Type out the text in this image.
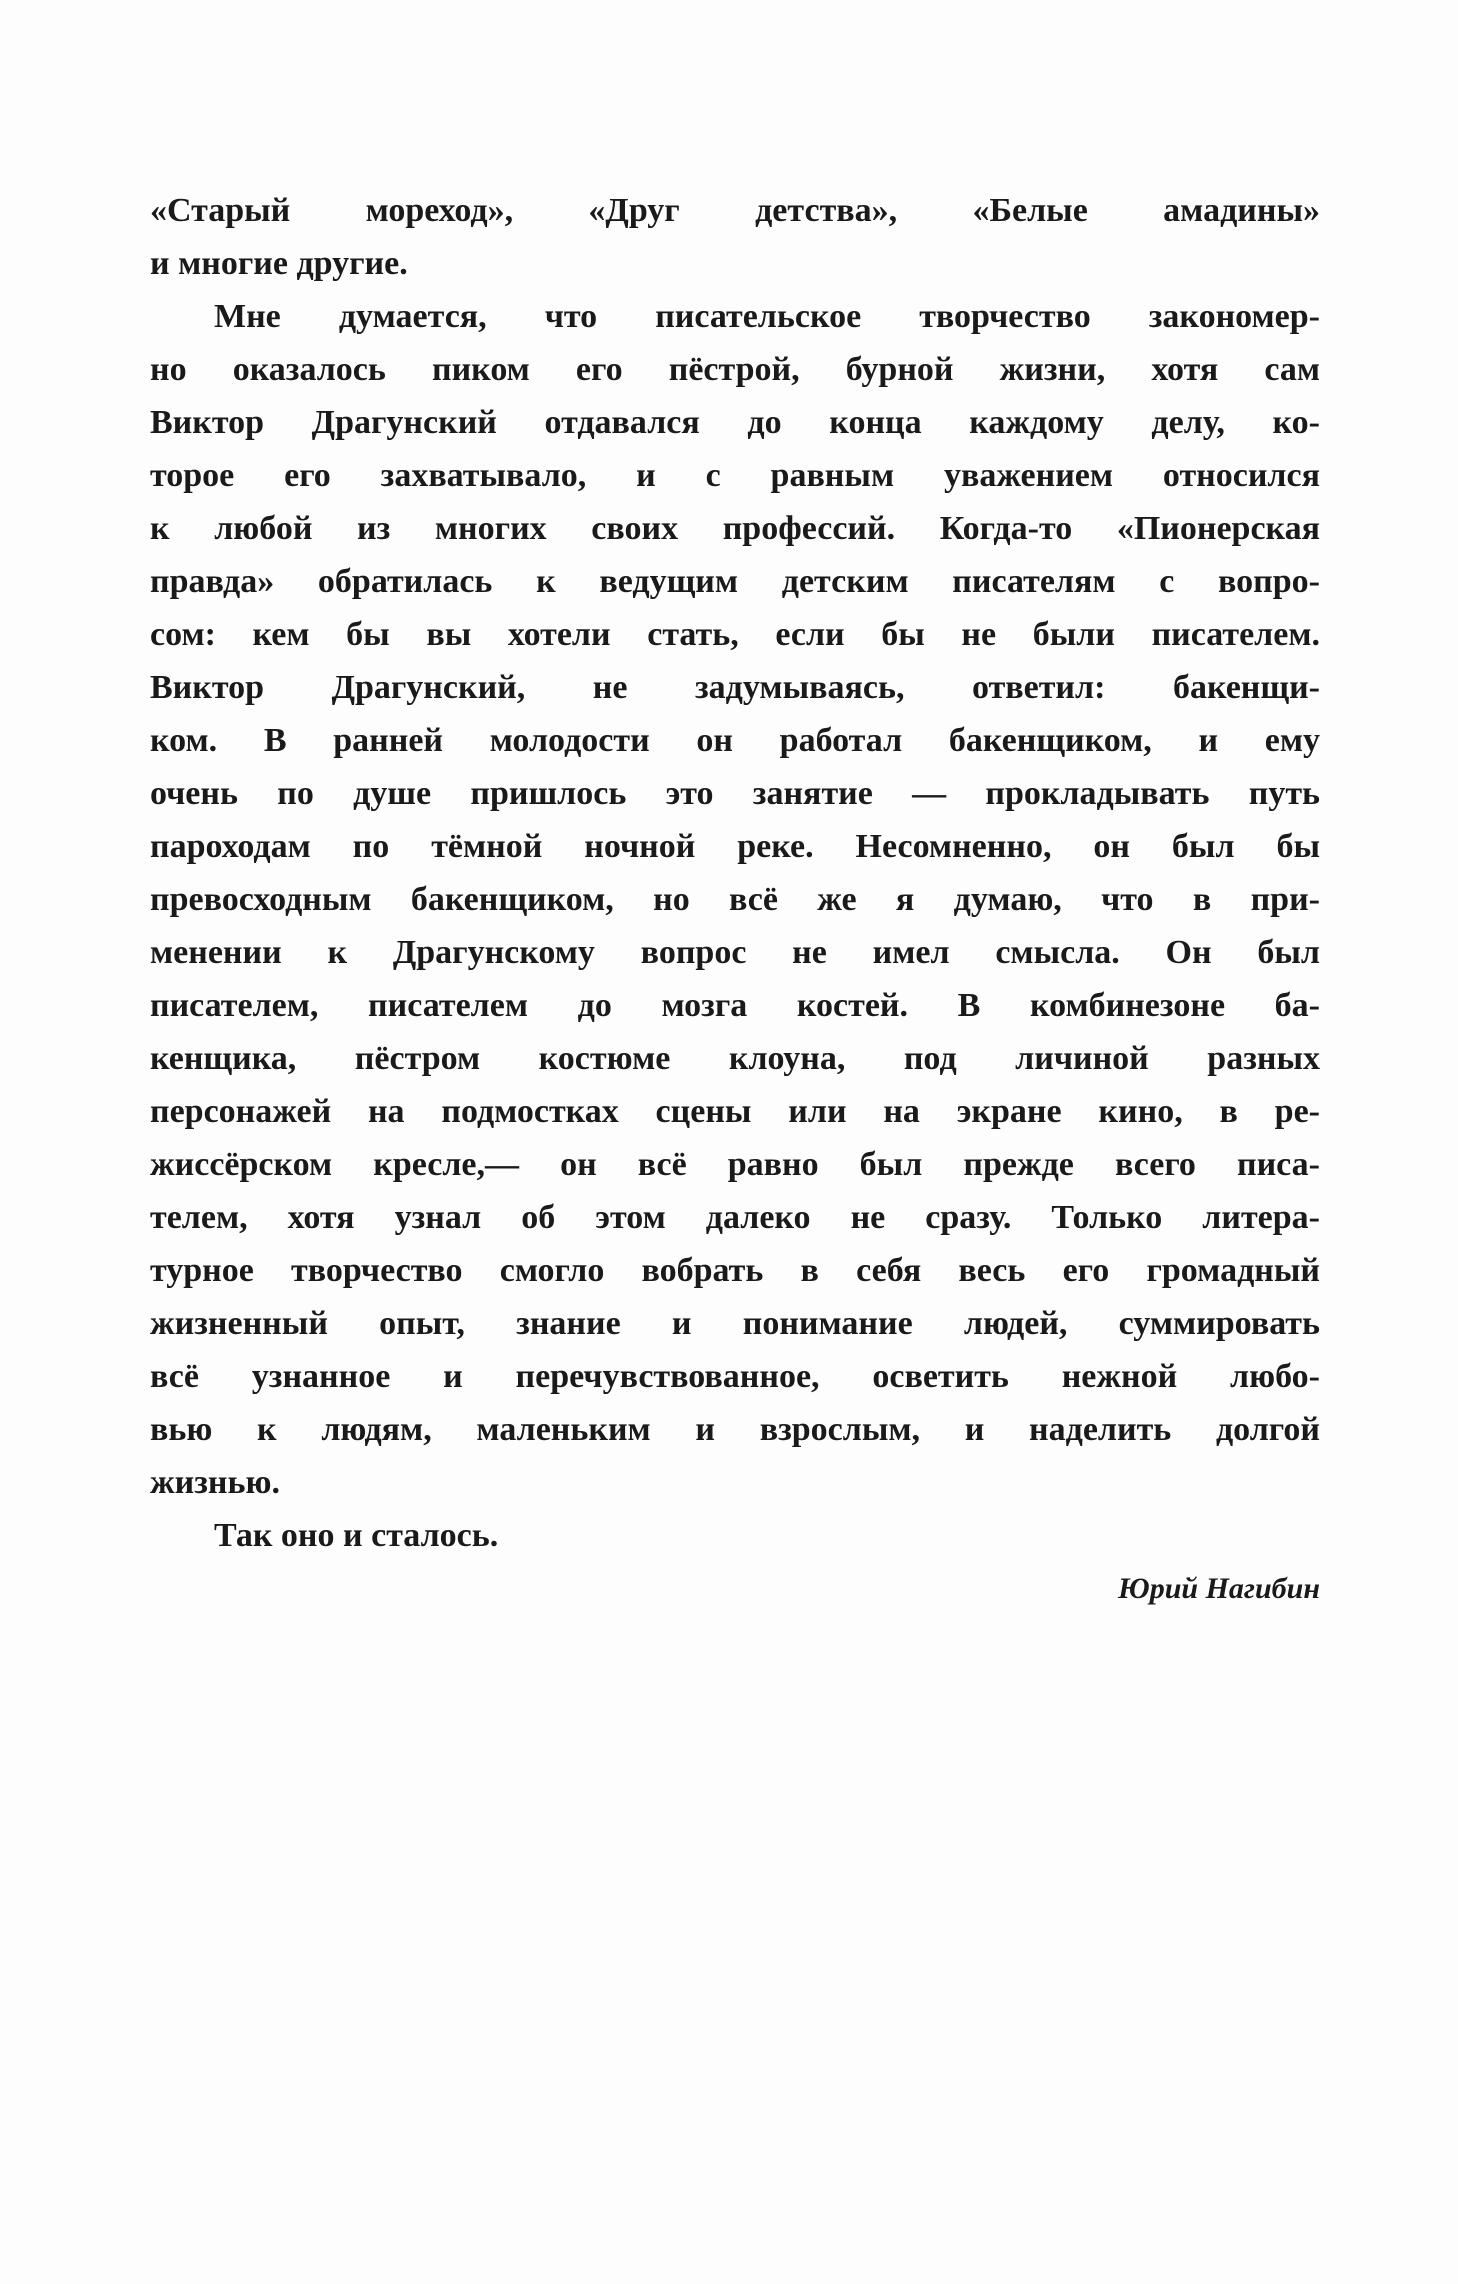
«Старый мореход», «Друг детства», «Белые амадины»
и многие другие.
Мне думается, что писательское творчество закономер-
но оказалось пиком его пёстрой, бурной жизни, хотя сам
Виктор Драгунский отдавался до конца каждому делу, ко-
торое его захватывало, и с равным уважением относился
к любой из многих своих профессий. Когда-то «Пионерская
правда» обратилась к ведущим детским писателям с вопро-
сом: кем бы вы хотели стать, если бы не были писателем.
Виктор Драгунский, не задумываясь, ответил: бакенщи-
ком. В ранней молодости он работал бакенщиком, и ему
очень по душе пришлось это занятие — прокладывать путь
пароходам по тёмной ночной реке. Несомненно, он был бы
превосходным бакенщиком, но всё же я думаю, что в при-
менении к Драгунскому вопрос не имел смысла. Он был
писателем, писателем до мозга костей. В комбинезоне ба-
кенщика, пёстром костюме клоуна, под личиной разных
персонажей на подмостках сцены или на экране кино, в ре-
жиссёрском кресле,— он всё равно был прежде всего писа-
телем, хотя узнал об этом далеко не сразу. Только литера-
турное творчество смогло вобрать в себя весь его громадный
жизненный опыт, знание и понимание людей, суммировать
всё узнанное и перечувствованное, осветить нежной любо-
вью к людям, маленьким и взрослым, и наделить долгой
жизнью.
Так оно и сталось.
Юрий Нагибин
